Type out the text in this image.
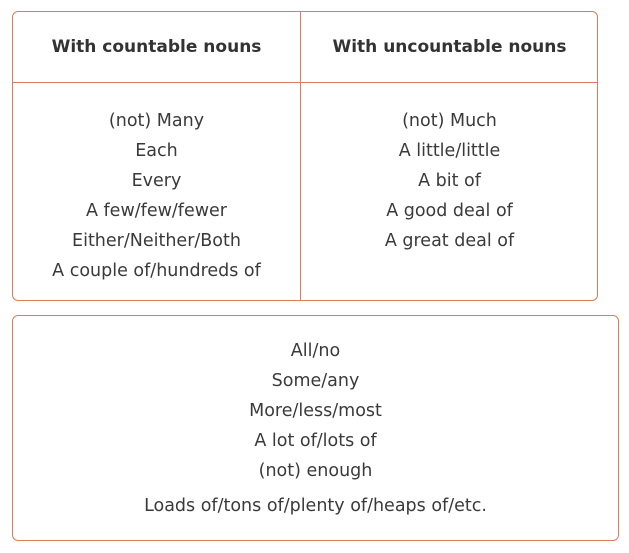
With countable nouns	With uncountable nouns
(not) Many
Each
Every
A few/few/fewer
Either/Neither/Both
A couple of/hundreds of
(not) Much
A little/little
A bit of
A good deal of
A great deal of
All/no
Some/any
More/less/most
A lot of/lots of
(not) enough
Loads of/tons of/plenty of/heaps of/etc.
